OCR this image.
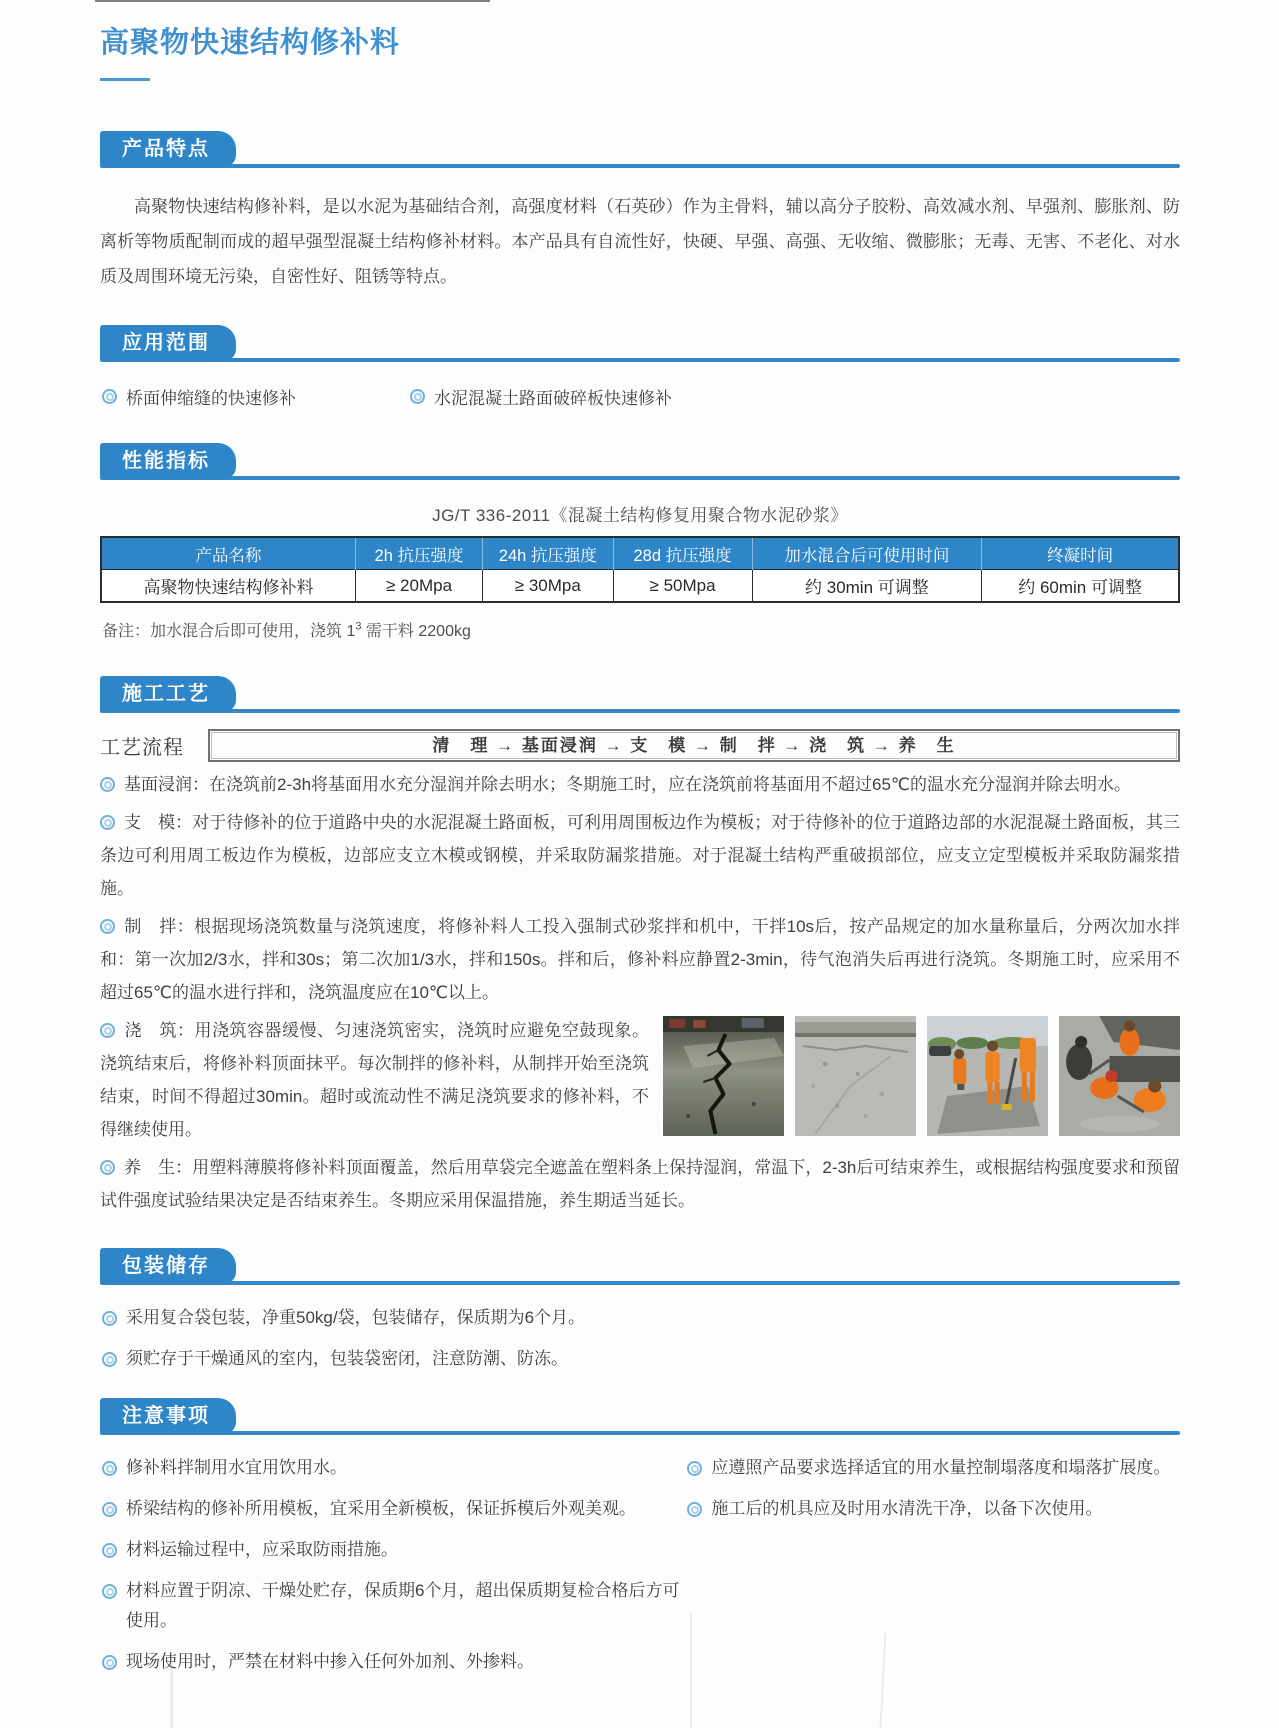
高聚物快速结构修补料
产品特点

高聚物快速结构修补料，是以水泥为基础结合剂，高强度材料（石英砂）作为主骨料，辅以高分子胶粉、高效减水剂、早强剂、膨胀剂、防离析等物质配制而成的超早强型混凝土结构修补材料。本产品具有自流性好，快硬、早强、高强、无收缩、微膨胀；无毒、无害、不老化、对水质及周围环境无污染，自密性好、阻锈等特点。

应用范围
桥面伸缩缝的快速修补	水泥混凝土路面破碎板快速修补
性能指标
JG/T 336-2011《混凝土结构修复用聚合物水泥砂浆》
产品名称	2h 抗压强度	24h 抗压强度	28d 抗压强度	加水混合后可使用时间	终凝时间
高聚物快速结构修补料	≥ 20Mpa	≥ 30Mpa	≥ 50Mpa	约 30min 可调整	约 60min 可调整
备注：加水混合后即可使用，浇筑 $1^3$ 需干料 2200kg
施工工艺
工艺流程	清　理 → 基面浸润 → 支　模 → 制　拌 → 浇　筑 → 养　生

基面浸润：在浇筑前2-3h将基面用水充分湿润并除去明水；冬期施工时，应在浇筑前将基面用不超过65℃的温水充分湿润并除去明水。

支　模：对于待修补的位于道路中央的水泥混凝土路面板，可利用周围板边作为模板；对于待修补的位于道路边部的水泥混凝土路面板，其三条边可利用周工板边作为模板，边部应支立木模或钢模，并采取防漏浆措施。对于混凝土结构严重破损部位，应支立定型模板并采取防漏浆措施。

制　拌：根据现场浇筑数量与浇筑速度，将修补料人工投入强制式砂浆拌和机中，干拌10s后，按产品规定的加水量称量后，分两次加水拌和：第一次加2/3水，拌和30s；第二次加1/3水，拌和150s。拌和后，修补料应静置2-3min，待气泡消失后再进行浇筑。冬期施工时，应采用不超过65℃的温水进行拌和，浇筑温度应在10℃以上。

浇　筑：用浇筑容器缓慢、匀速浇筑密实，浇筑时应避免空鼓现象。浇筑结束后，将修补料顶面抹平。每次制拌的修补料，从制拌开始至浇筑结束，时间不得超过30min。超时或流动性不满足浇筑要求的修补料，不得继续使用。

养　生：用塑料薄膜将修补料顶面覆盖，然后用草袋完全遮盖在塑料条上保持湿润，常温下，2-3h后可结束养生，或根据结构强度要求和预留试件强度试验结果决定是否结束养生。冬期应采用保温措施，养生期适当延长。

包装储存
采用复合袋包装，净重50kg/袋，包装储存，保质期为6个月。
须贮存于干燥通风的室内，包装袋密闭，注意防潮、防冻。
注意事项
修补料拌制用水宜用饮用水。
桥梁结构的修补所用模板，宜采用全新模板，保证拆模后外观美观。
材料运输过程中，应采取防雨措施。
材料应置于阴凉、干燥处贮存，保质期6个月，超出保质期复检合格后方可使用。
现场使用时，严禁在材料中掺入任何外加剂、外掺料。
应遵照产品要求选择适宜的用水量控制塌落度和塌落扩展度。
施工后的机具应及时用水清洗干净，以备下次使用。
